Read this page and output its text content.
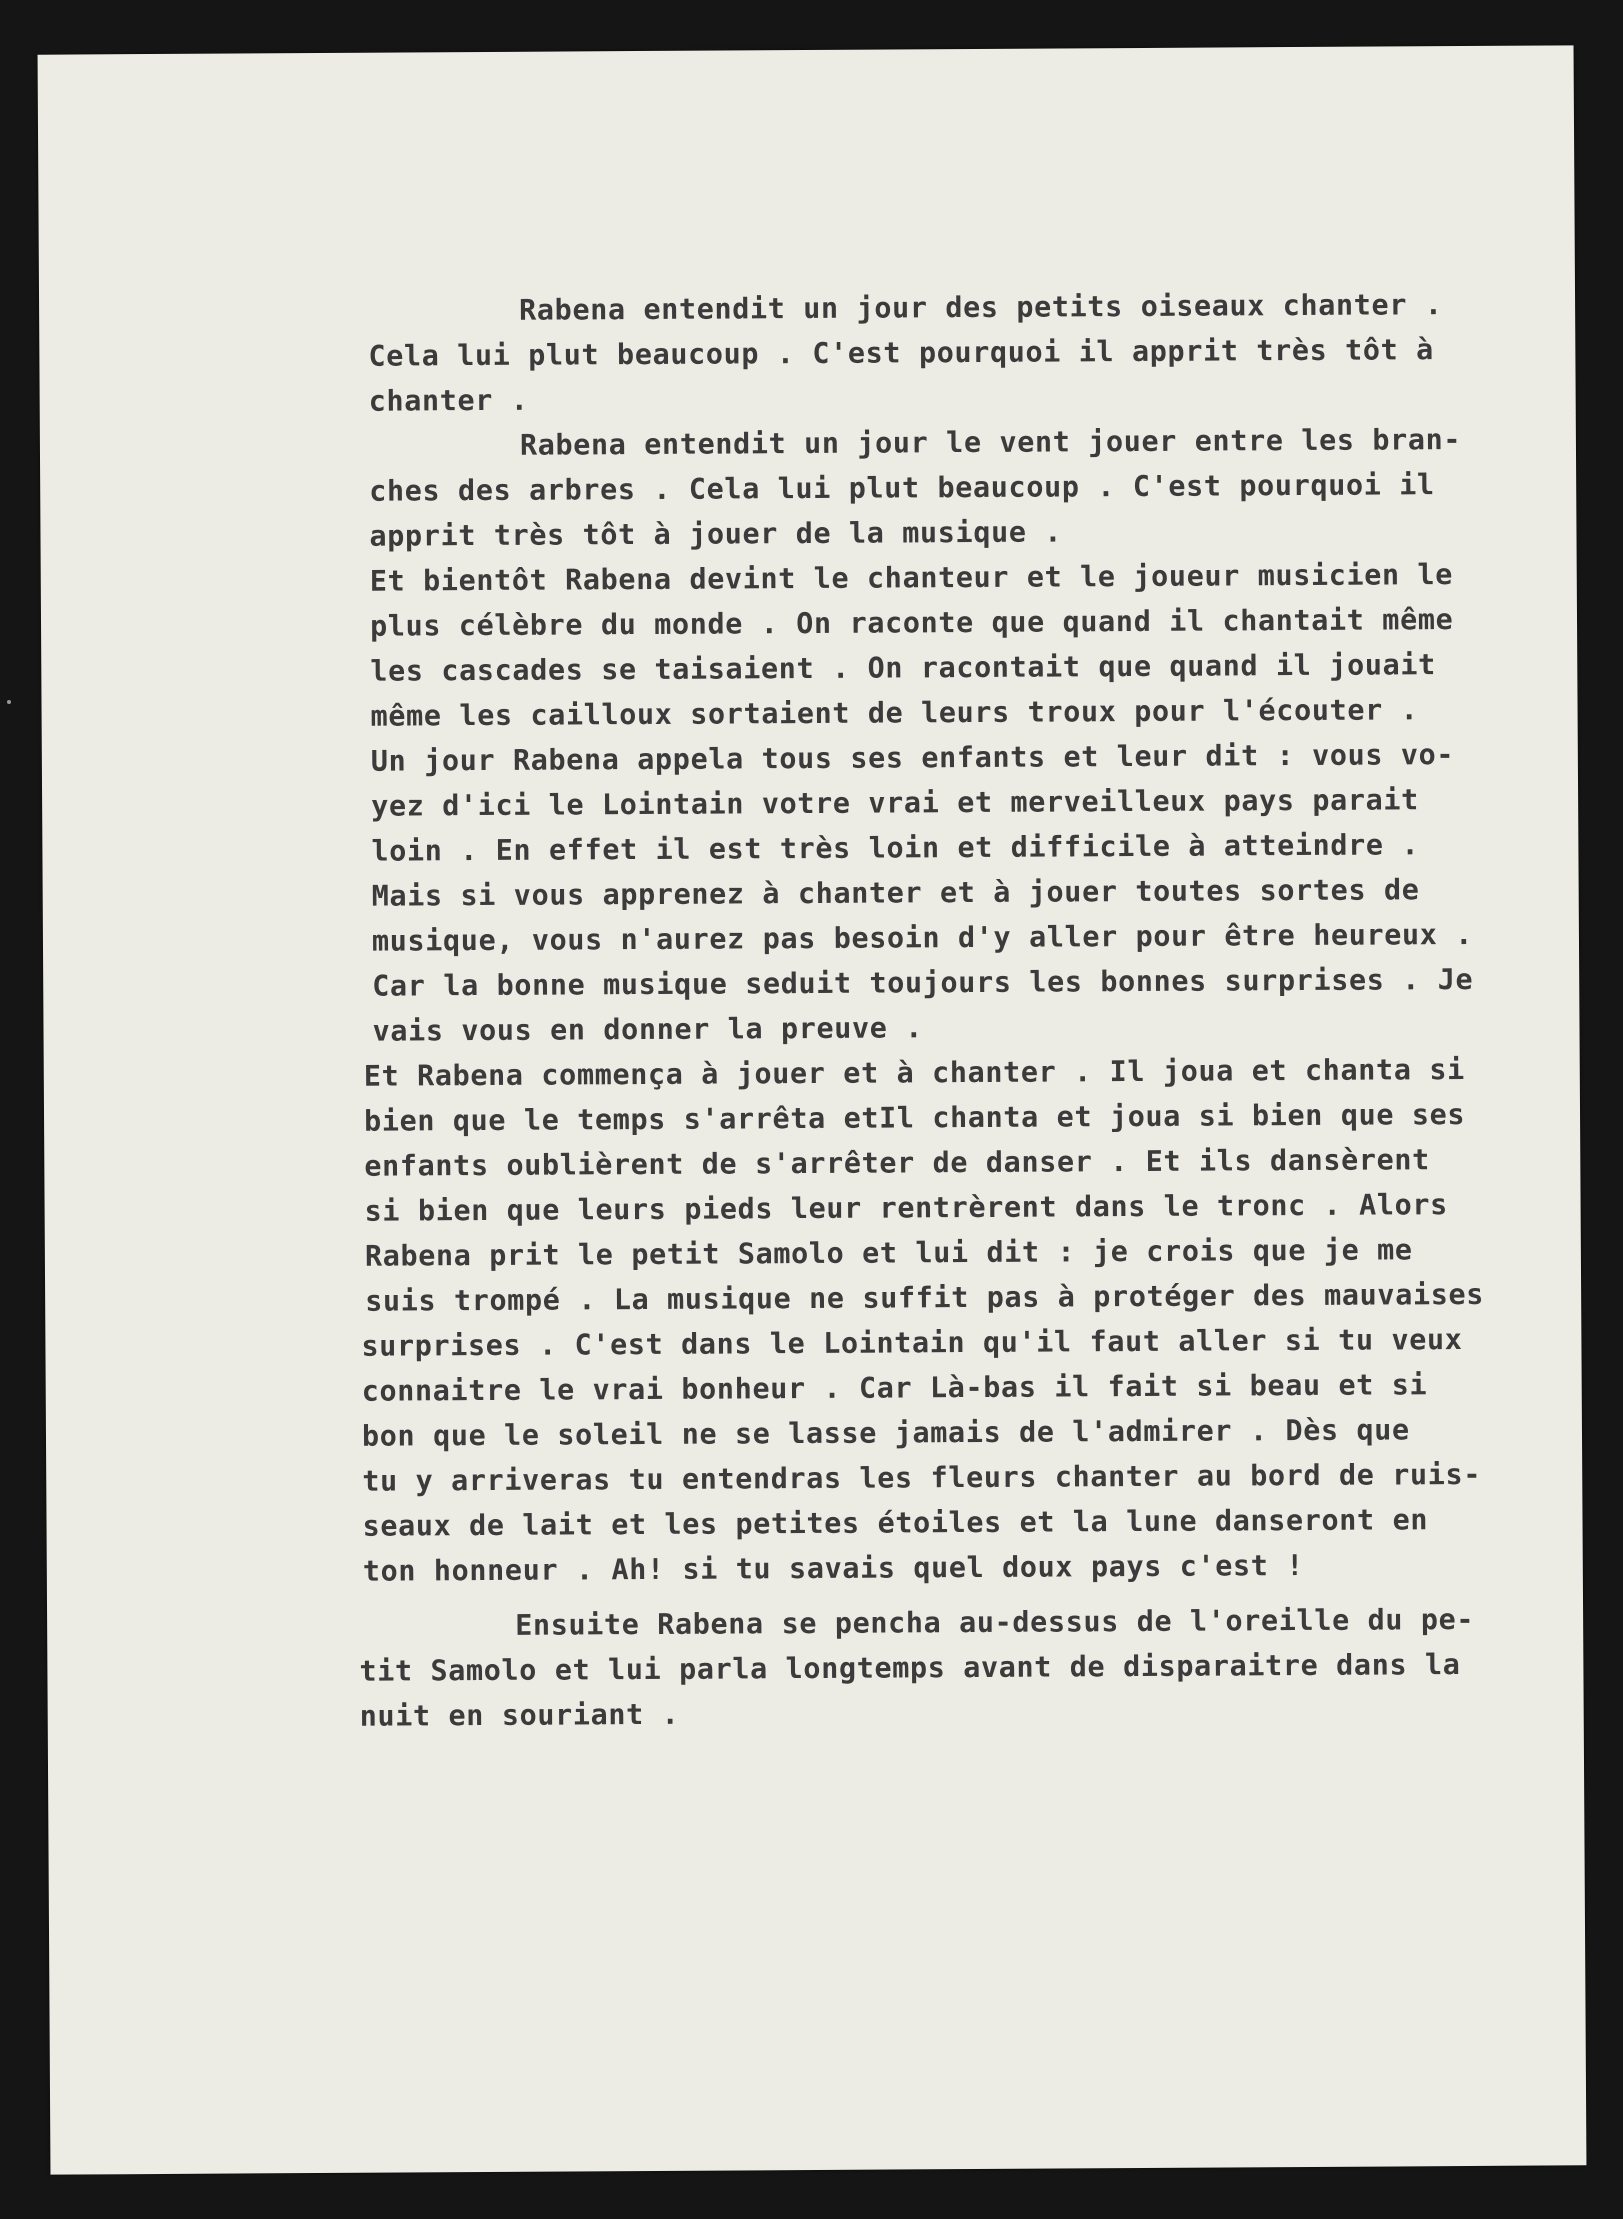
Rabena entendit un jour des petits oiseaux chanter .
Cela lui plut beaucoup . C'est pourquoi il apprit très tôt à
chanter .
Rabena entendit un jour le vent jouer entre les bran-
ches des arbres . Cela lui plut beaucoup . C'est pourquoi il
apprit très tôt à jouer de la musique .
Et bientôt Rabena devint le chanteur et le joueur musicien le
plus célèbre du monde . On raconte que quand il chantait même
les cascades se taisaient . On racontait que quand il jouait
même les cailloux sortaient de leurs troux pour l'écouter .
Un jour Rabena appela tous ses enfants et leur dit : vous vo-
yez d'ici le Lointain votre vrai et merveilleux pays parait
loin . En effet il est très loin et difficile à atteindre .
Mais si vous apprenez à chanter et à jouer toutes sortes de
musique, vous n'aurez pas besoin d'y aller pour être heureux .
Car la bonne musique seduit toujours les bonnes surprises . Je
vais vous en donner la preuve .
Et Rabena commença à jouer et à chanter . Il joua et chanta si
bien que le temps s'arrêta etIl chanta et joua si bien que ses
enfants oublièrent de s'arrêter de danser . Et ils dansèrent
si bien que leurs pieds leur rentrèrent dans le tronc . Alors
Rabena prit le petit Samolo et lui dit : je crois que je me
suis trompé . La musique ne suffit pas à protéger des mauvaises
surprises . C'est dans le Lointain qu'il faut aller si tu veux
connaitre le vrai bonheur . Car Là-bas il fait si beau et si
bon que le soleil ne se lasse jamais de l'admirer . Dès que
tu y arriveras tu entendras les fleurs chanter au bord de ruis-
seaux de lait et les petites étoiles et la lune danseront en
ton honneur . Ah! si tu savais quel doux pays c'est !
Ensuite Rabena se pencha au-dessus de l'oreille du pe-
tit Samolo et lui parla longtemps avant de disparaitre dans la
nuit en souriant .
